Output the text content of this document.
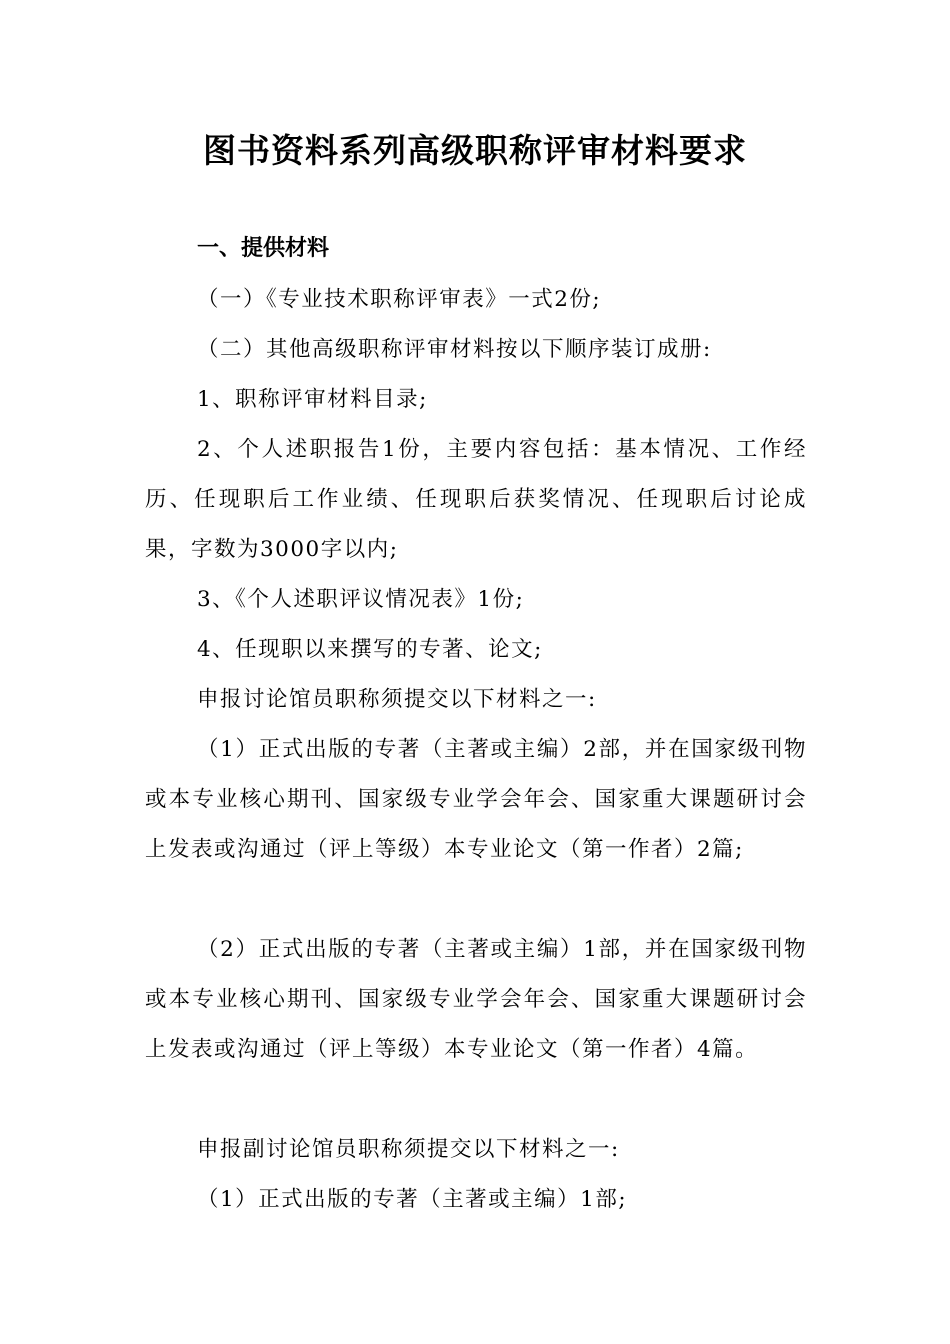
图书资料系列高级职称评审材料要求
一、提供材料

（一）《专业技术职称评审表》一式2份;

（二）其他高级职称评审材料按以下顺序装订成册:

1、职称评审材料目录;

2、个人述职报告1份，主要内容包括：基本情况、工作经历、任现职后工作业绩、任现职后获奖情况、任现职后讨论成果，字数为3000字以内;

3、《个人述职评议情况表》1份;

4、任现职以来撰写的专著、论文;

申报讨论馆员职称须提交以下材料之一:

（1）正式出版的专著（主著或主编）2部，并在国家级刊物或本专业核心期刊、国家级专业学会年会、国家重大课题研讨会上发表或沟通过（评上等级）本专业论文（第一作者）2篇;

（2）正式出版的专著（主著或主编）1部，并在国家级刊物或本专业核心期刊、国家级专业学会年会、国家重大课题研讨会上发表或沟通过（评上等级）本专业论文（第一作者）4篇。

申报副讨论馆员职称须提交以下材料之一:

（1）正式出版的专著（主著或主编）1部;
